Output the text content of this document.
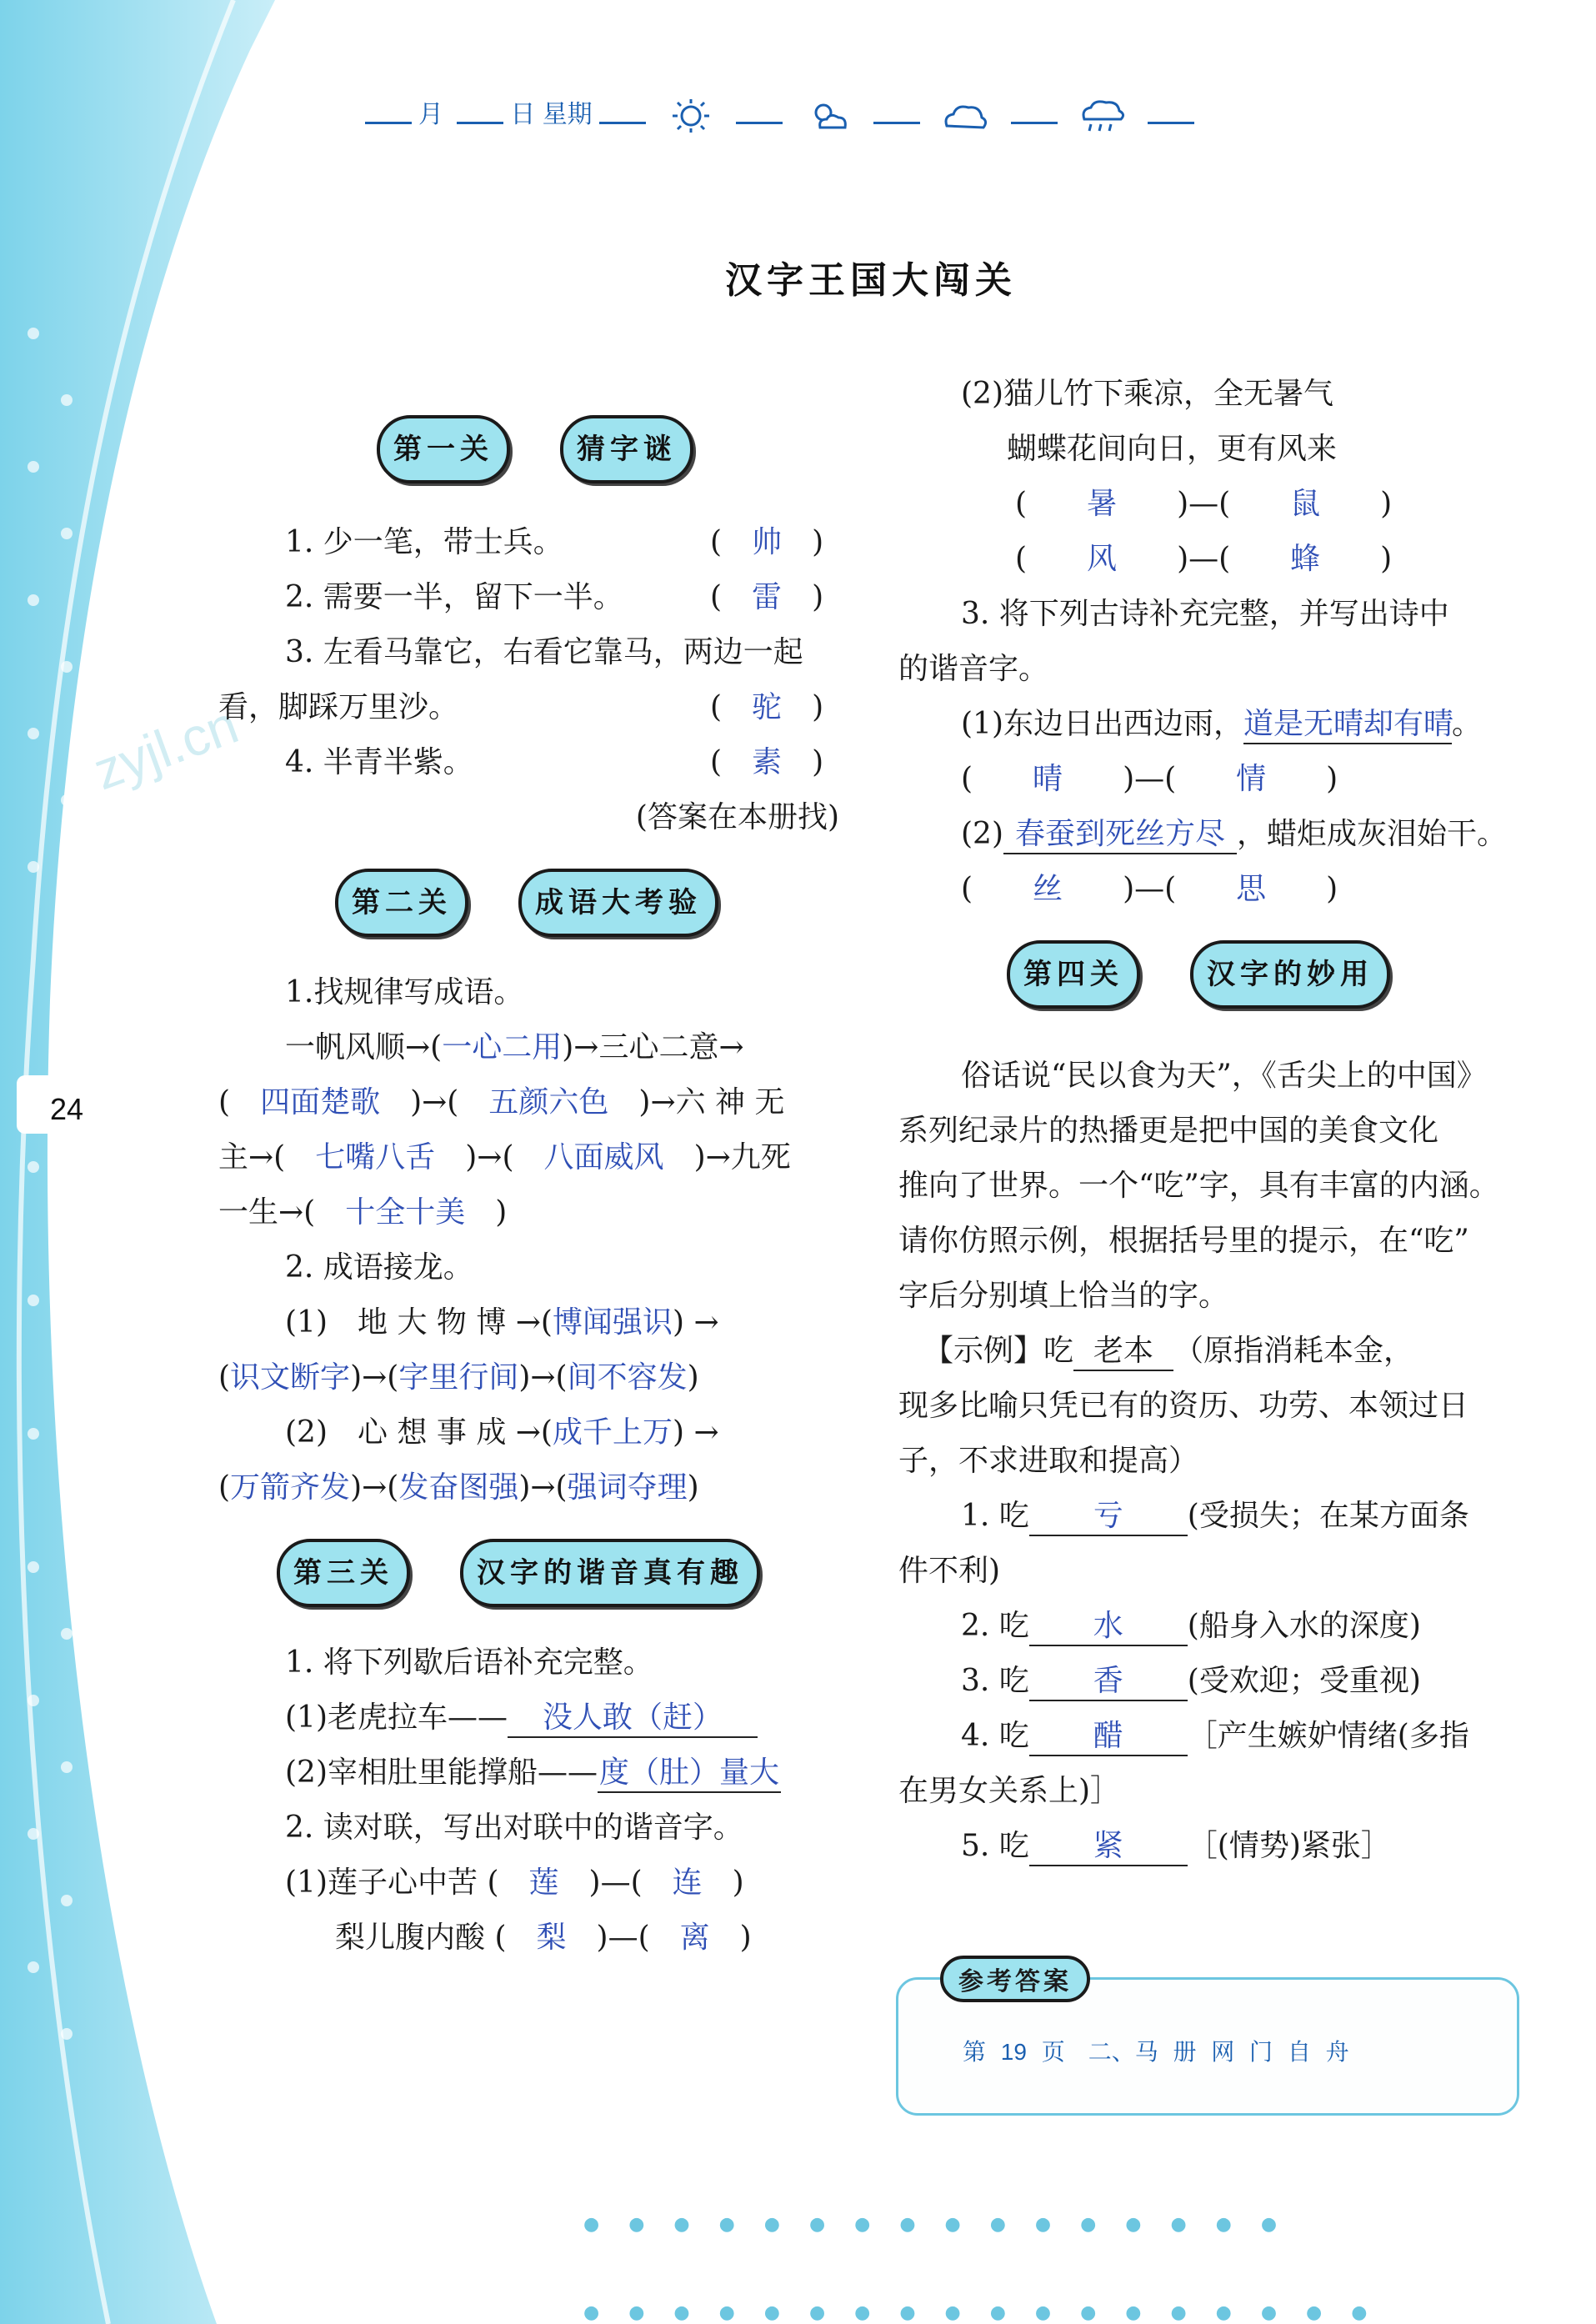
zyjl.cn
24
月	日 星期
汉字王国大闯关
第一关	猜字谜

1. 少一笔，带士兵。	(　帅　)

2. 需要一半，留下一半。	(　雷　)

3. 左看马靠它，右看它靠马，两边一起

看，脚踩万里沙。	(　驼　)

4. 半青半紫。	(　素　)

(答案在本册找)

第二关	成语大考验

1.找规律写成语。

一帆风顺→(一心二用)→三心二意→

(　 四面楚歌　 )→(　 五颜六色　 )→六 神 无

主→(　 七嘴八舌　 )→(　 八面威风　 )→九死

一生→(　 十全十美　 )

2. 成语接龙。

(1)　地 大 物 博 →(博闻强识) →

(识文断字)→(字里行间)→(间不容发)

(2)　心 想 事 成 →(成千上万) →

(万箭齐发)→(发奋图强)→(强词夺理)

第三关	汉字的谐音真有趣

1. 将下列歇后语补充完整。

(1)老虎拉车—— 没人敢（赶）

(2)宰相肚里能撑船——度（肚）量大

2. 读对联，写出对联中的谐音字。

(1)莲子心中苦 (　 莲　 )—(　 连　)

梨儿腹内酸 (　 梨　 )—(　 离　)

(2)猫儿竹下乘凉，全无暑气

蝴蝶花间向日，更有风来

(　　暑　　)—(　　鼠　　)

(　　风　　)—(　　蜂　　)

3. 将下列古诗补充完整，并写出诗中

的谐音字。

(1)东边日出西边雨，道是无晴却有晴。

(　　晴　　)—(　　情　　)

(2) 春蚕到死丝方尽 ，蜡炬成灰泪始干。

(　　丝　　)—(　　思　　)

第四关	汉字的妙用

俗话说“民以食为天”，《舌尖上的中国》

系列纪录片的热播更是把中国的美食文化

推向了世界。一个“吃”字，具有丰富的内涵。

请你仿照示例，根据括号里的提示，在“吃”

字后分别填上恰当的字。

【示例】吃 老本 （原指消耗本金，

现多比喻只凭已有的资历、功劳、本领过日

子，不求进取和提高）

1. 吃 亏 (受损失；在某方面条

件不利)

2. 吃 水 (船身入水的深度)

3. 吃 香 (受欢迎；受重视)

4. 吃 醋 ［产生嫉妒情绪(多指

在男女关系上)］

5. 吃 紧 ［(情势)紧张］

参考答案
第 19 页　二、马 册 网 门 自 舟
● ● ● ● ● ● ● ● ● ● ● ● ● ● ● ●
● ● ● ● ● ● ● ● ● ● ● ● ● ● ● ● ● ●
